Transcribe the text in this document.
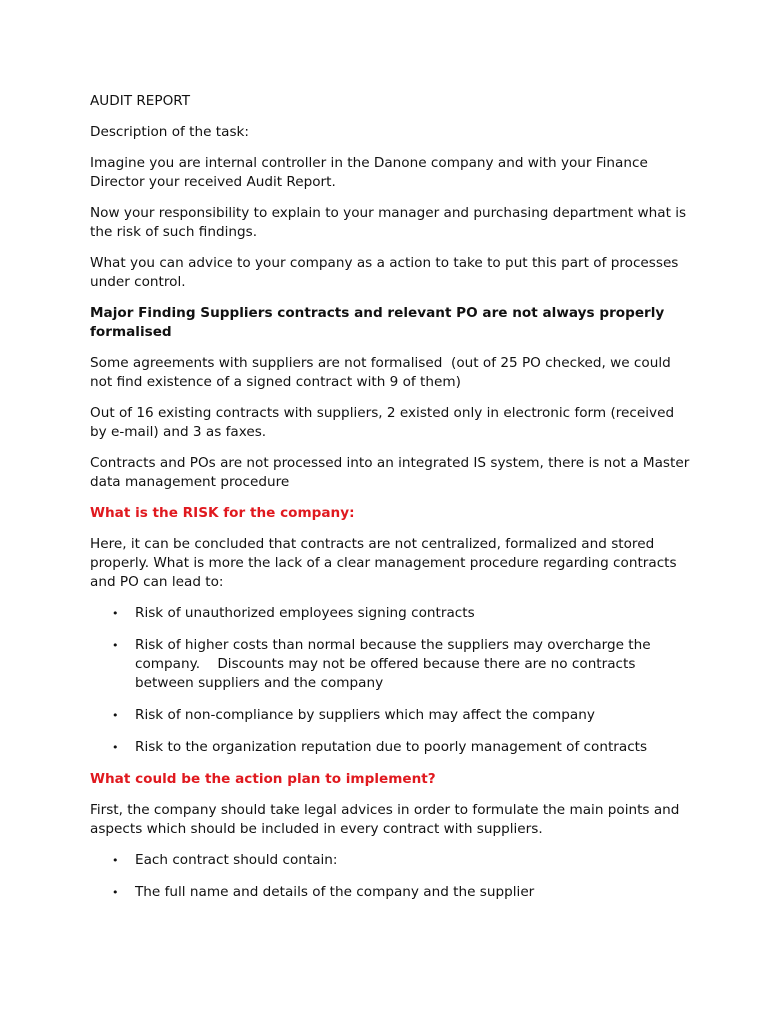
AUDIT REPORT

Description of the task:

Imagine you are internal controller in the Danone company and with your Finance Director your received Audit Report.

Now your responsibility to explain to your manager and purchasing department what is the risk of such findings.

What you can advice to your company as a action to take to put this part of processes under control.

Major Finding Suppliers contracts and relevant PO are not always properly formalised

Some agreements with suppliers are not formalised  (out of 25 PO checked, we could not find existence of a signed contract with 9 of them)

Out of 16 existing contracts with suppliers, 2 existed only in electronic form (received by e-mail) and 3 as faxes.

Contracts and POs are not processed into an integrated IS system, there is not a Master data management procedure

What is the RISK for the company:

Here, it can be concluded that contracts are not centralized, formalized and stored properly. What is more the lack of a clear management procedure regarding contracts and PO can lead to:

• Risk of unauthorized employees signing contracts
• Risk of higher costs than normal because the suppliers may overcharge the company.    Discounts may not be offered because there are no contracts between suppliers and the company
• Risk of non-compliance by suppliers which may affect the company
• Risk to the organization reputation due to poorly management of contracts

What could be the action plan to implement?

First, the company should take legal advices in order to formulate the main points and aspects which should be included in every contract with suppliers.

• Each contract should contain:
• The full name and details of the company and the supplier
